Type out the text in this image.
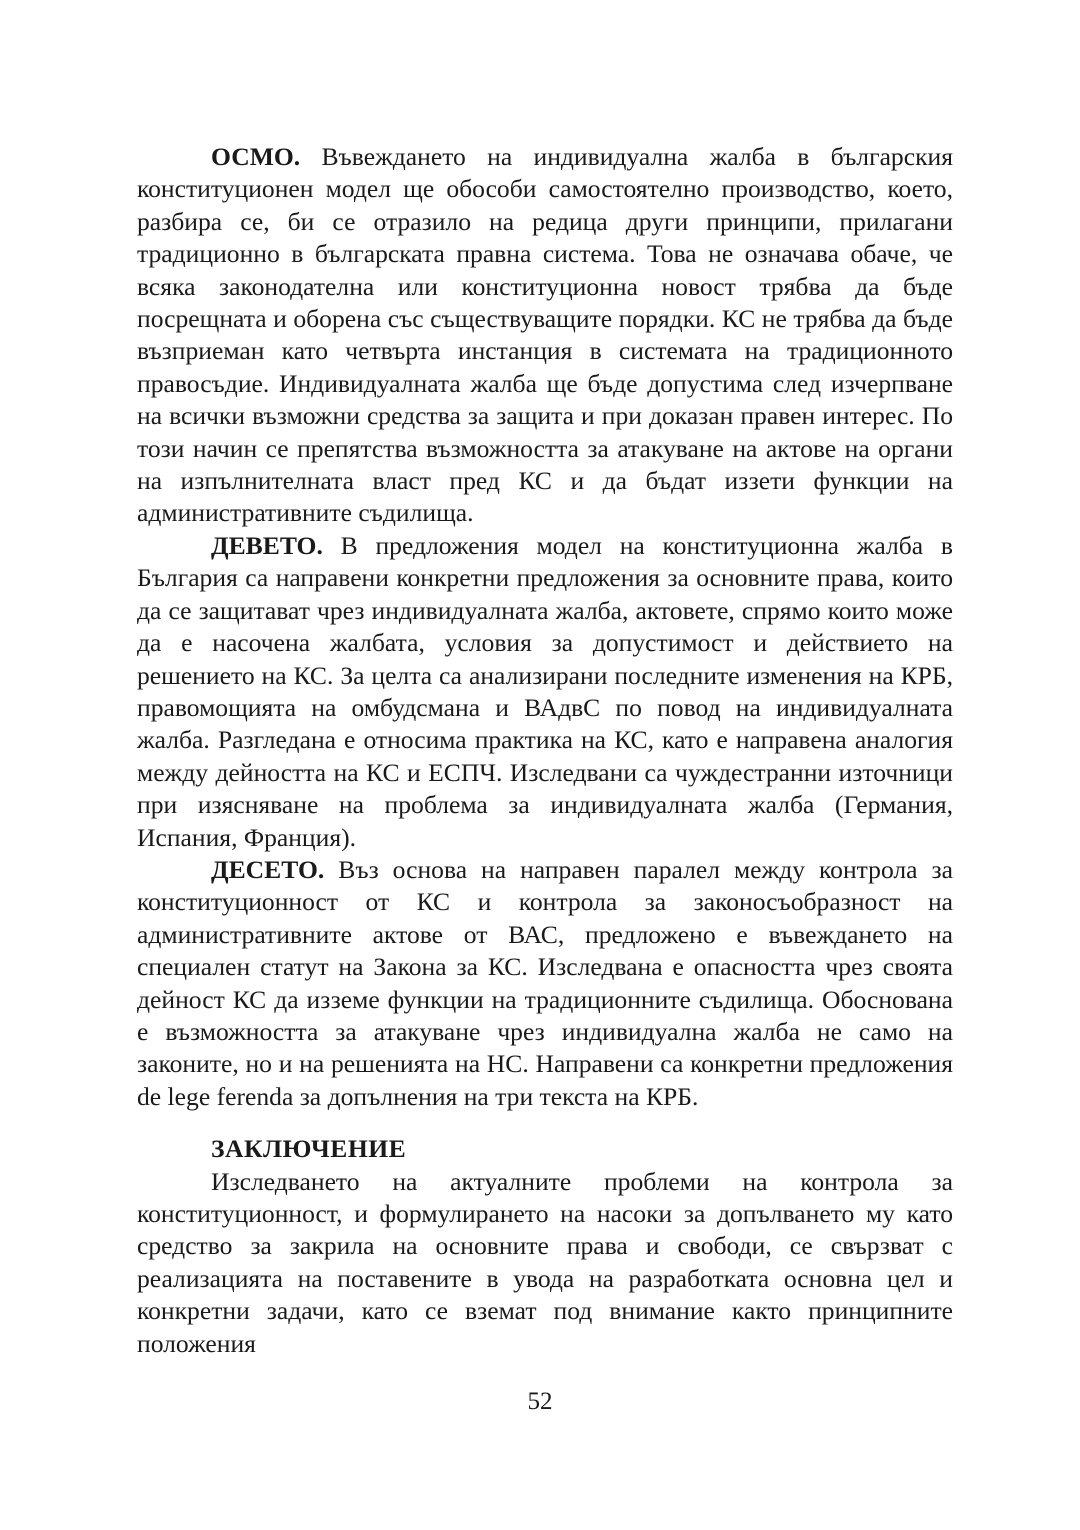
ОСМО. Въвеждането на индивидуална жалба в българския конституционен модел ще обособи самостоятелно производство, което, разбира се, би се отразило на редица други принципи, прилагани традиционно в българската правна система. Това не означава обаче, че всяка законодателна или конституционна новост трябва да бъде посрещната и оборена със съществуващите порядки. КС не трябва да бъде възприеман като четвърта инстанция в системата на традиционното правосъдие. Индивидуалната жалба ще бъде допустима след изчерпване на всички възможни средства за защита и при доказан правен интерес. По този начин се препятства възможността за атакуване на актове на органи на изпълнителната власт пред КС и да бъдат иззети функции на административните съдилища.

ДЕВЕТО. В предложения модел на конституционна жалба в България са направени конкретни предложения за основните права, които да се защитават чрез индивидуалната жалба, актовете, спрямо които може да е насочена жалбата, условия за допустимост и действието на решението на КС. За целта са анализирани последните изменения на КРБ, правомощията на омбудсмана и ВАдвС по повод на индивидуалната жалба. Разгледана е относима практика на КС, като е направена аналогия между дейността на КС и ЕСПЧ. Изследвани са чуждестранни източници при изясняване на проблема за индивидуалната жалба (Германия, Испания, Франция).

ДЕСЕТО. Въз основа на направен паралел между контрола за конституционност от КС и контрола за законосъобразност на административните актове от ВАС, предложено е въвеждането на специален статут на Закона за КС. Изследвана е опасността чрез своята дейност КС да изземе функции на традиционните съдилища. Обоснована е възможността за атакуване чрез индивидуална жалба не само на законите, но и на решенията на НС. Направени са конкретни предложения de lege ferenda за допълнения на три текста на КРБ.

ЗАКЛЮЧЕНИЕ

Изследването на актуалните проблеми на контрола за конституционност, и формулирането на насоки за допълването му като средство за закрила на основните права и свободи, се свързват с реализацията на поставените в увода на разработката основна цел и конкретни задачи, като се вземат под внимание както принципните положения

52
